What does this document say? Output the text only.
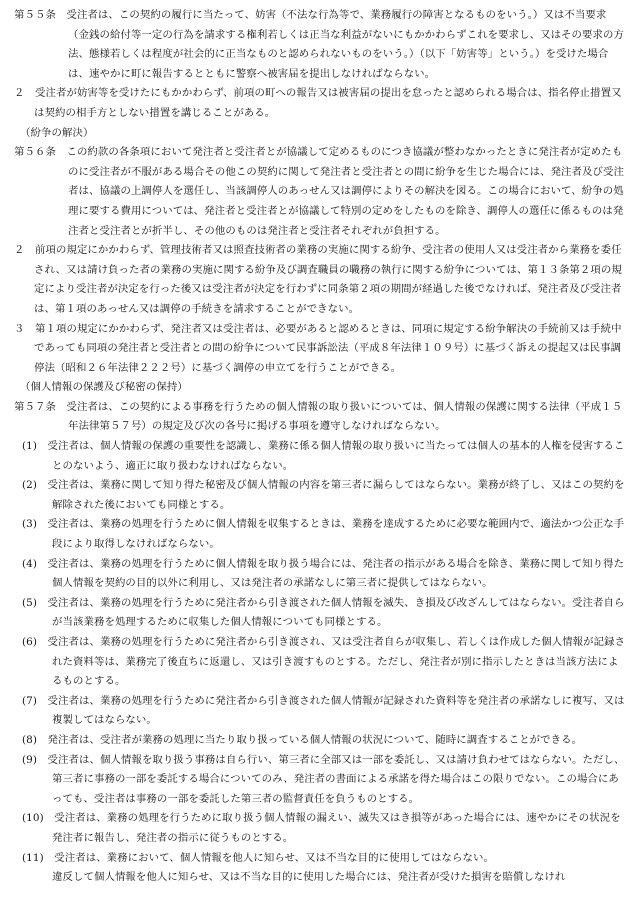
第５５条　受注者は、この契約の履行に当たって、妨害（不法な行為等で、業務履行の障害となるものをいう。）又は不当要求（金銭の給付等一定の行為を請求する権利若しくは正当な利益がないにもかかわらずこれを要求し、又はその要求の方法、態様若しくは程度が社会的に正当なものと認められないものをいう。）（以下「妨害等」という。）を受けた場合は、速やかに町に報告するとともに警察へ被害届を提出しなければならない。

２　受注者が妨害等を受けたにもかかわらず、前項の町への報告又は被害届の提出を怠ったと認められる場合は、指名停止措置又は契約の相手方としない措置を講じることがある。

（紛争の解決）

第５６条　この約款の各条項において発注者と受注者とが協議して定めるものにつき協議が整わなかったときに発注者が定めたものに受注者が不服がある場合その他この契約に関して発注者と受注者との間に紛争を生じた場合には、発注者及び受注者は、協議の上調停人を選任し、当該調停人のあっせん又は調停によりその解決を図る。この場合において、紛争の処理に要する費用については、発注者と受注者とが協議して特別の定めをしたものを除き、調停人の選任に係るものは発注者と受注者とが折半し、その他のものは発注者と受注者それぞれが負担する。

２　前項の規定にかかわらず、管理技術者又は照査技術者の業務の実施に関する紛争、受注者の使用人又は受注者から業務を委任され、又は請け負った者の業務の実施に関する紛争及び調査職員の職務の執行に関する紛争については、第１３条第２項の規定により受注者が決定を行った後又は受注者が決定を行わずに同条第２項の期間が経過した後でなければ、発注者及び受注者は、第１項のあっせん又は調停の手続きを請求することができない。

３　第１項の規定にかかわらず、発注者又は受注者は、必要があると認めるときは、同項に規定する紛争解決の手続前又は手続中であっても同項の発注者と受注者との間の紛争について民事訴訟法（平成８年法律１０９号）に基づく訴えの提起又は民事調停法（昭和２６年法律２２２号）に基づく調停の申立てを行うことができる。

（個人情報の保護及び秘密の保持）

第５７条　受注者は、この契約による事務を行うための個人情報の取り扱いについては、個人情報の保護に関する法律（平成１５年法律第５７号）の規定及び次の各号に掲げる事項を遵守しなければならない。

(1)　 受注者は、個人情報の保護の重要性を認識し、業務に係る個人情報の取り扱いに当たっては個人の基本的人権を侵害することのないよう、適正に取り扱わなければならない。

(2)　 受注者は、業務に関して知り得た秘密及び個人情報の内容を第三者に漏らしてはならない。業務が終了し、又はこの契約を解除された後においても同様とする。

(3)　 受注者は、業務の処理を行うために個人情報を収集するときは、業務を達成するために必要な範囲内で、適法かつ公正な手段により取得しなければならない。

(4)　 受注者は、業務の処理を行うために個人情報を取り扱う場合には、発注者の指示がある場合を除き、業務に関して知り得た個人情報を契約の目的以外に利用し、又は発注者の承諾なしに第三者に提供してはならない。

(5)　 受注者は、業務の処理を行うために発注者から引き渡された個人情報を滅失、き損及び改ざんしてはならない。受注者自らが当該業務を処理するために収集した個人情報についても同様とする。

(6)　 受注者は、業務の処理を行うために発注者から引き渡され、又は受注者自らが収集し、若しくは作成した個人情報が記録された資料等は、業務完了後直ちに返還し、又は引き渡すものとする。ただし、発注者が別に指示したときは当該方法によるものとする。

(7)　 受注者は、業務の処理を行うために発注者から引き渡された個人情報が記録された資料等を発注者の承諾なしに複写、又は複製してはならない。

(8)　 発注者は、受注者が業務の処理に当たり取り扱っている個人情報の状況について、随時に調査することができる。

(9)　 受注者は、個人情報を取り扱う事務は自ら行い、第三者に全部又は一部を委託し、又は請け負わせてはならない。ただし、第三者に事務の一部を委託する場合についてのみ、発注者の書面による承諾を得た場合はこの限りでない。この場合にあっても、受注者は事務の一部を委託した第三者の監督責任を負うものとする。

(10)　 受注者は、業務の処理を行うために取り扱う個人情報の漏えい、滅失又はき損等があった場合には、速やかにその状況を発注者に報告し、発注者の指示に従うものとする。

(11)　 受注者は、業務において、個人情報を他人に知らせ、又は不当な目的に使用してはならない。

違反して個人情報を他人に知らせ、又は不当な目的に使用した場合には、発注者が受けた損害を賠償しなけれ
